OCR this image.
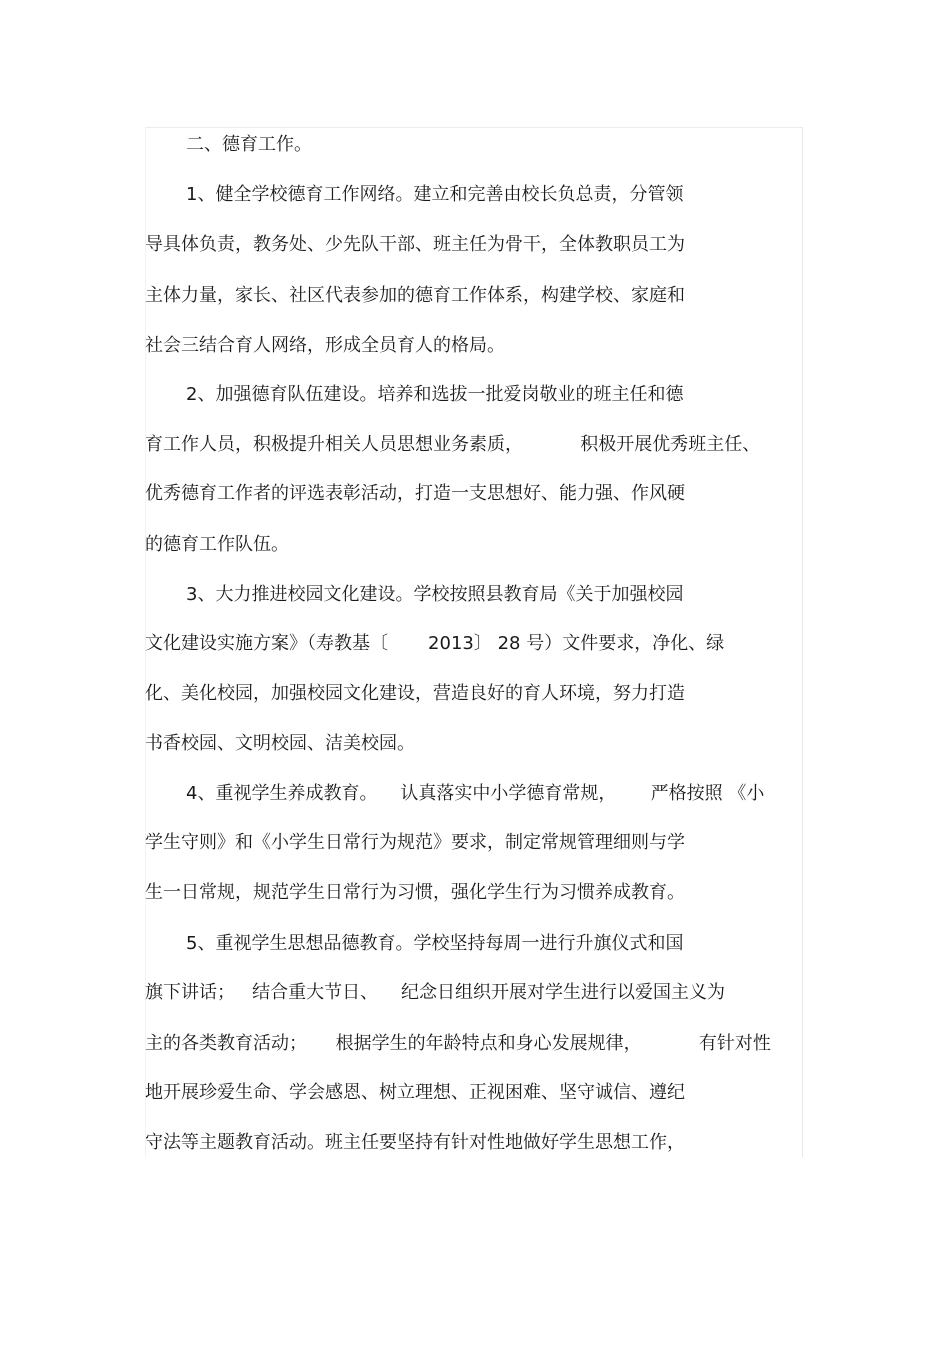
二、德育工作。
1、健全学校德育工作网络。建立和完善由校长负总责，分管领
导具体负责，教务处、少先队干部、班主任为骨干，全体教职员工为
主体力量，家长、社区代表参加的德育工作体系，构建学校、家庭和
社会三结合育人网络，形成全员育人的格局。
2、加强德育队伍建设。培养和选拔一批爱岗敬业的班主任和德
育工作人员，积极提升相关人员思想业务素质，          积极开展优秀班主任、
优秀德育工作者的评选表彰活动，打造一支思想好、能力强、作风硬
的德育工作队伍。
3、大力推进校园文化建设。学校按照县教育局《关于加强校园
文化建设实施方案》（寿教基〔       2013〕 28 号）文件要求，净化、绿
化、美化校园，加强校园文化建设，营造良好的育人环境，努力打造
书香校园、文明校园、洁美校园。
4、重视学生养成教育。    认真落实中小学德育常规，      严格按照 《小
学生守则》和《小学生日常行为规范》要求，制定常规管理细则与学
生一日常规，规范学生日常行为习惯，强化学生行为习惯养成教育。
5、重视学生思想品德教育。学校坚持每周一进行升旗仪式和国
旗下讲话；   结合重大节日、    纪念日组织开展对学生进行以爱国主义为
主的各类教育活动；     根据学生的年龄特点和身心发展规律，          有针对性
地开展珍爱生命、学会感恩、树立理想、正视困难、坚守诚信、遵纪
守法等主题教育活动。班主任要坚持有针对性地做好学生思想工作，
